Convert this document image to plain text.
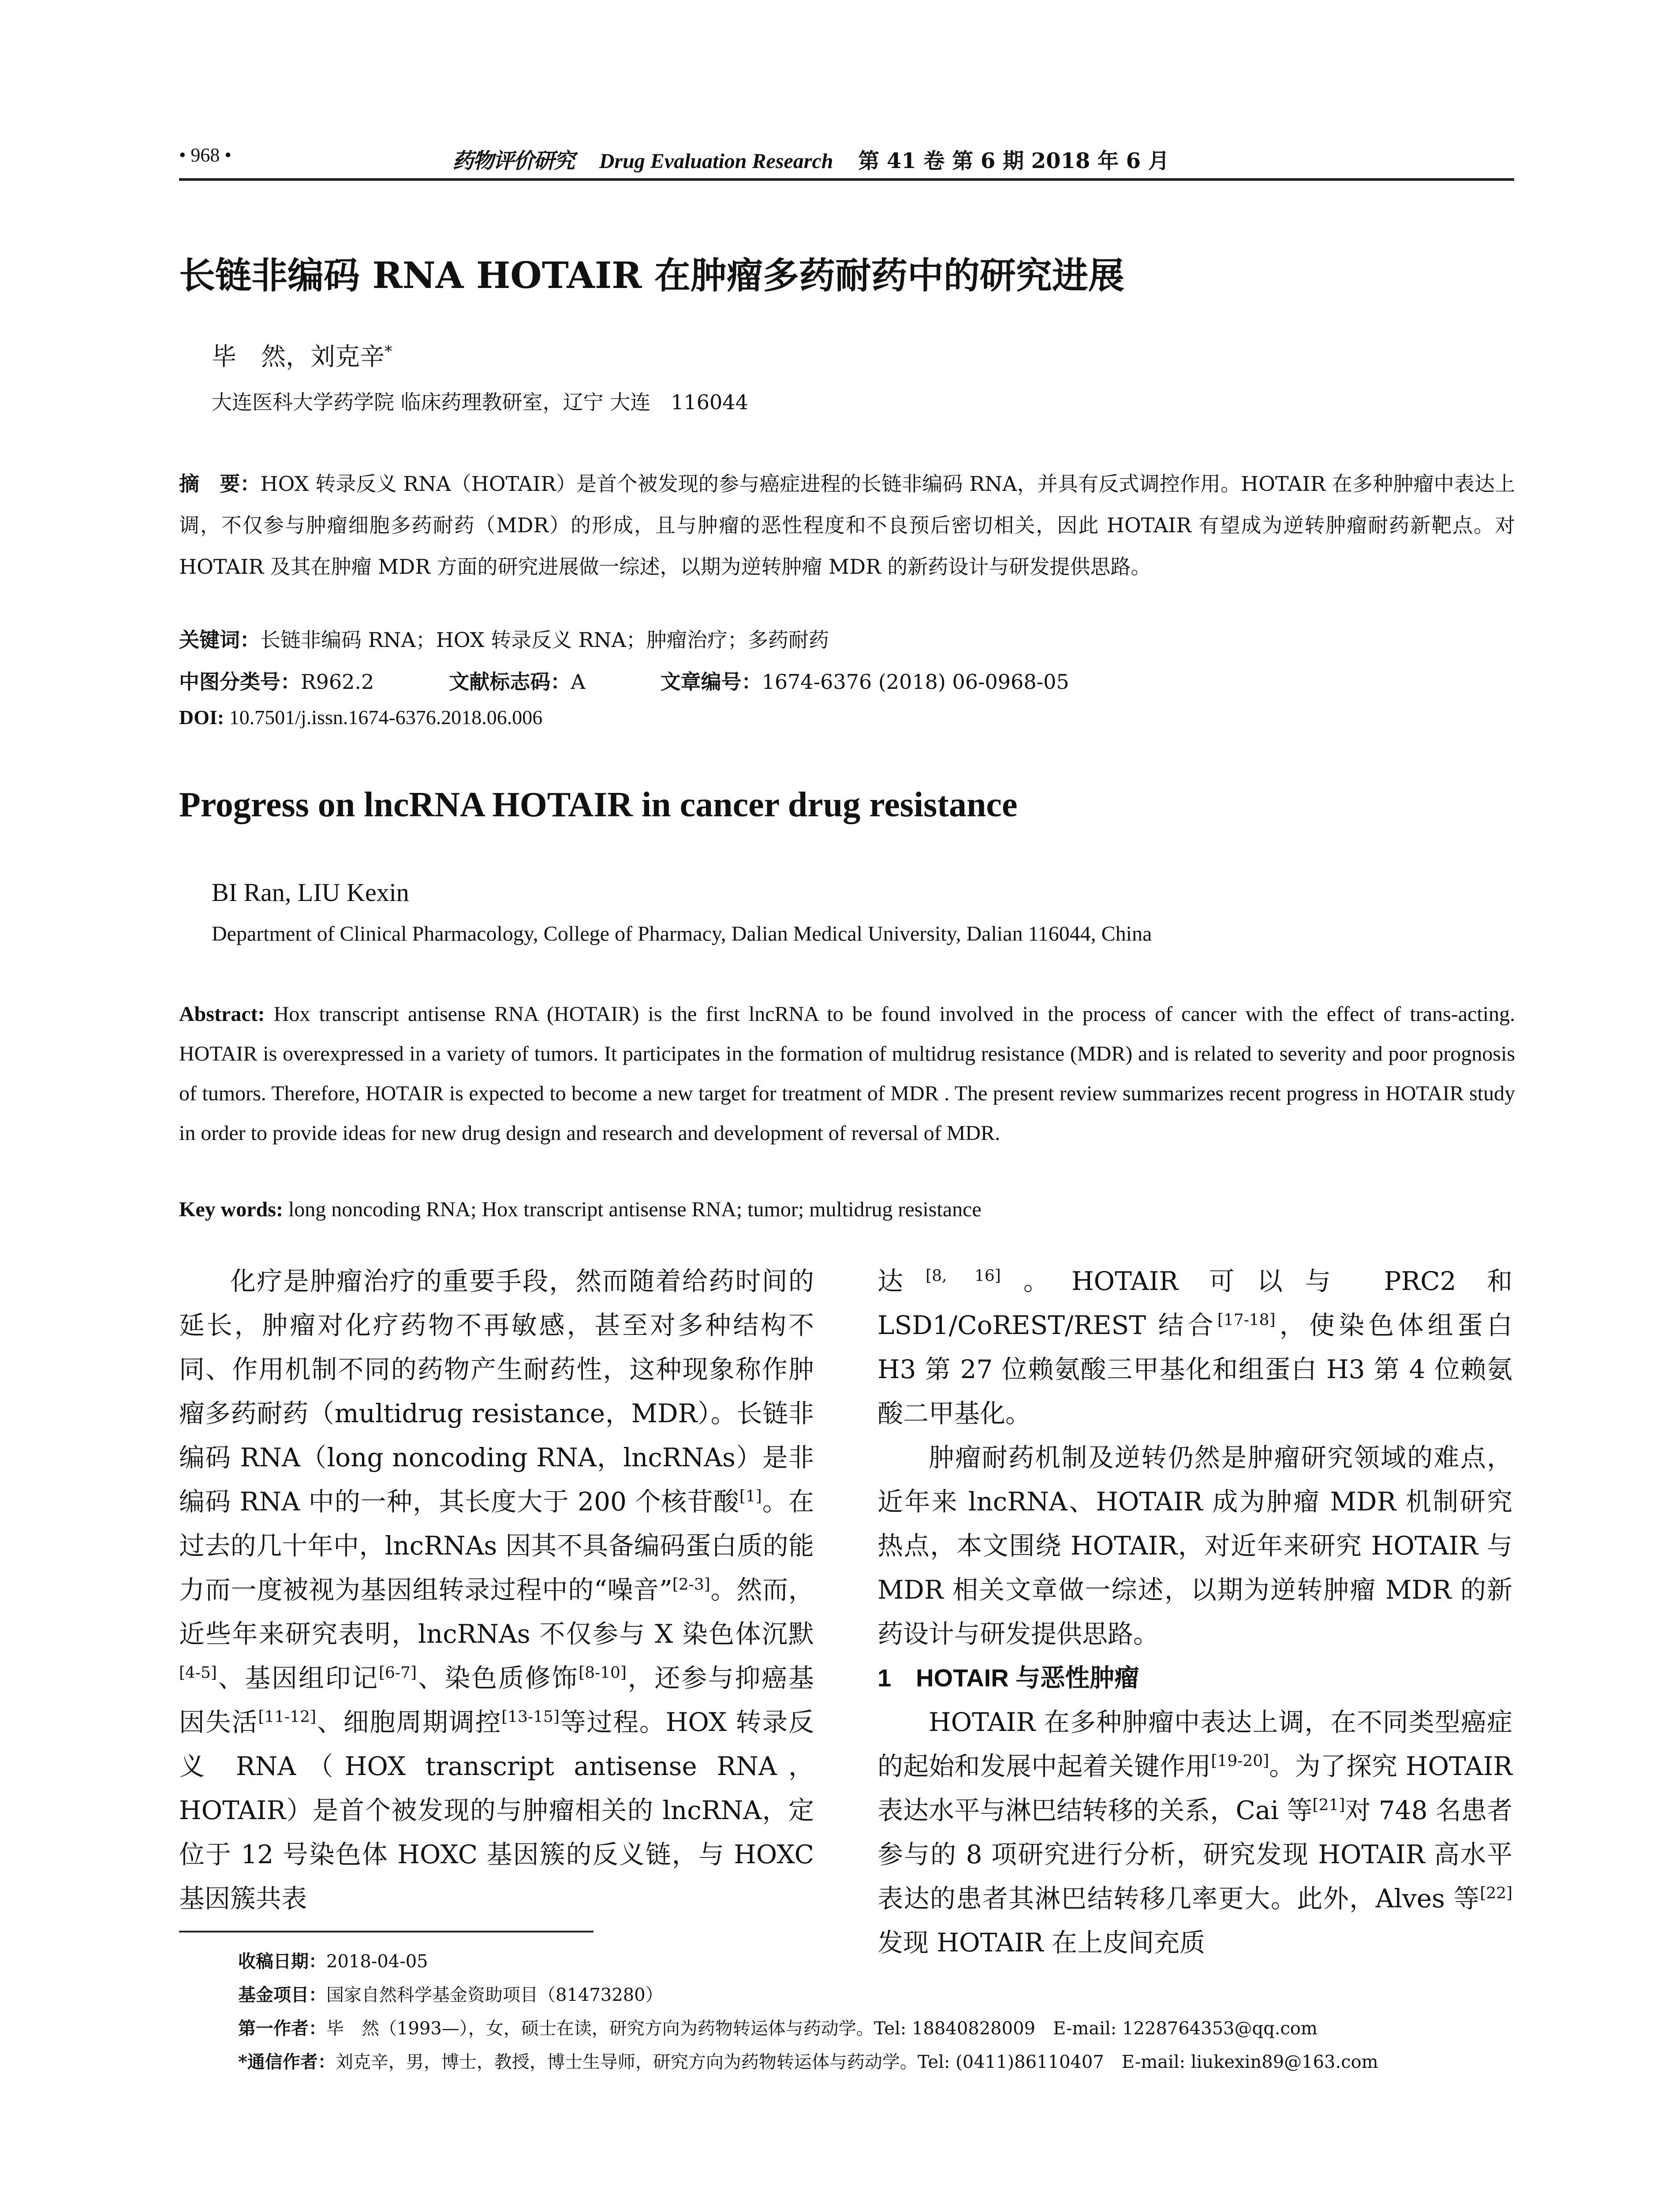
• 968 •	药物评价研究 Drug Evaluation Research 第 41 卷 第 6 期 2018 年 6 月
长链非编码 RNA HOTAIR 在肿瘤多药耐药中的研究进展
毕　然，刘克辛*
大连医科大学药学院 临床药理教研室，辽宁 大连　116044
摘　要：HOX 转录反义 RNA（HOTAIR）是首个被发现的参与癌症进程的长链非编码 RNA，并具有反式调控作用。HOTAIR 在多种肿瘤中表达上调，不仅参与肿瘤细胞多药耐药（MDR）的形成，且与肿瘤的恶性程度和不良预后密切相关，因此 HOTAIR 有望成为逆转肿瘤耐药新靶点。对 HOTAIR 及其在肿瘤 MDR 方面的研究进展做一综述，以期为逆转肿瘤 MDR 的新药设计与研发提供思路。
关键词：长链非编码 RNA；HOX 转录反义 RNA；肿瘤治疗；多药耐药
中图分类号：R962.2	文献标志码：A	文章编号：1674-6376 (2018) 06-0968-05
DOI: 10.7501/j.issn.1674-6376.2018.06.006
Progress on lncRNA HOTAIR in cancer drug resistance
BI Ran, LIU Kexin
Department of Clinical Pharmacology, College of Pharmacy, Dalian Medical University, Dalian 116044, China
Abstract: Hox transcript antisense RNA (HOTAIR) is the first lncRNA to be found involved in the process of cancer with the effect of trans-acting. HOTAIR is overexpressed in a variety of tumors. It participates in the formation of multidrug resistance (MDR) and is related to severity and poor prognosis of tumors. Therefore, HOTAIR is expected to become a new target for treatment of MDR . The present review summarizes recent progress in HOTAIR study in order to provide ideas for new drug design and research and development of reversal of MDR.
Key words: long noncoding RNA; Hox transcript antisense RNA; tumor; multidrug resistance

化疗是肿瘤治疗的重要手段，然而随着给药时间的延长，肿瘤对化疗药物不再敏感，甚至对多种结构不同、作用机制不同的药物产生耐药性，这种现象称作肿瘤多药耐药（multidrug resistance，MDR）。长链非编码 RNA（long noncoding RNA，lncRNAs）是非编码 RNA 中的一种，其长度大于 200 个核苷酸[1]。在过去的几十年中，lncRNAs 因其不具备编码蛋白质的能力而一度被视为基因组转录过程中的“噪音”[2-3]。然而，近些年来研究表明，lncRNAs 不仅参与 X 染色体沉默[4-5]、基因组印记[6-7]、染色质修饰[8-10]，还参与抑癌基因失活[11-12]、细胞周期调控[13-15]等过程。HOX 转录反义 RNA（HOX transcript antisense RNA，HOTAIR）是首个被发现的与肿瘤相关的 lncRNA，定位于 12 号染色体 HOXC 基因簇的反义链，与 HOXC 基因簇共表

达[8, 16]。HOTAIR 可以与 PRC2 和 LSD1/CoREST/REST 结合[17-18]，使染色体组蛋白 H3 第 27 位赖氨酸三甲基化和组蛋白 H3 第 4 位赖氨酸二甲基化。

肿瘤耐药机制及逆转仍然是肿瘤研究领域的难点，近年来 lncRNA、HOTAIR 成为肿瘤 MDR 机制研究热点，本文围绕 HOTAIR，对近年来研究 HOTAIR 与 MDR 相关文章做一综述，以期为逆转肿瘤 MDR 的新药设计与研发提供思路。

1　HOTAIR 与恶性肿瘤

HOTAIR 在多种肿瘤中表达上调，在不同类型癌症的起始和发展中起着关键作用[19-20]。为了探究 HOTAIR 表达水平与淋巴结转移的关系，Cai 等[21]对 748 名患者参与的 8 项研究进行分析，研究发现 HOTAIR 高水平表达的患者其淋巴结转移几率更大。此外，Alves 等[22]发现 HOTAIR 在上皮间充质

收稿日期：2018-04-05
基金项目：国家自然科学基金资助项目（81473280）
第一作者：毕　然（1993—），女，硕士在读，研究方向为药物转运体与药动学。Tel: 18840828009　E-mail: 1228764353@qq.com
*通信作者：刘克辛，男，博士，教授，博士生导师，研究方向为药物转运体与药动学。Tel: (0411)86110407　E-mail: liukexin89@163.com
